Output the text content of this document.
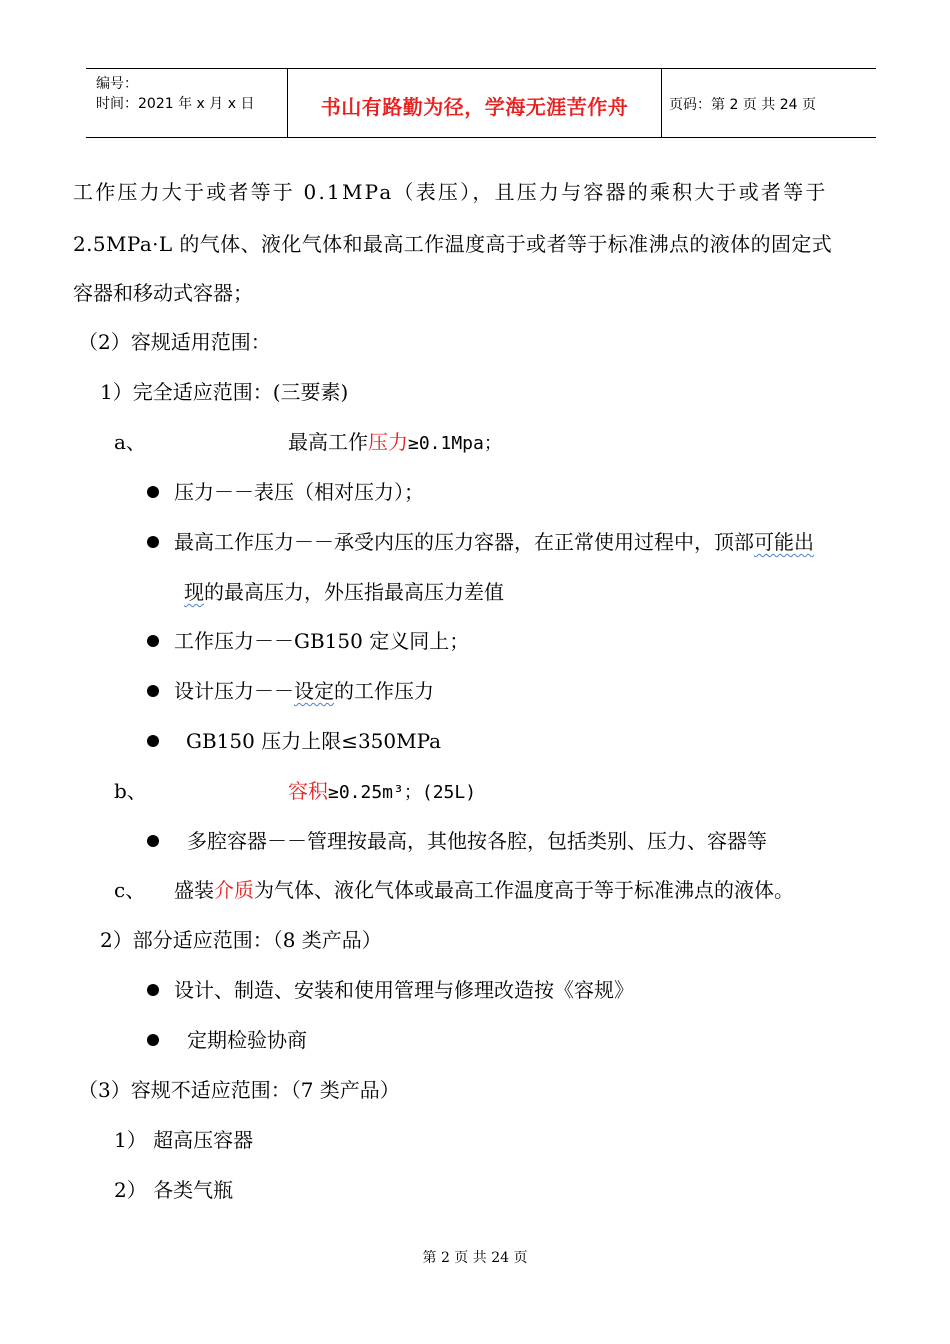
编号：
时间：2021 年 x 月 x 日	书山有路勤为径，学海无涯苦作舟	页码：第 2 页 共 24 页
工作压力大于或者等于 0.1MPa（表压），且压力与容器的乘积大于或者等于
2.5MPa·L 的气体、液化气体和最高工作温度高于或者等于标准沸点的液体的固定式
容器和移动式容器；
（2）容规适用范围：
1）完全适应范围：(三要素)
a、	最高工作压力≥0.1Mpa；
压力－－表压（相对压力）；
最高工作压力－－承受内压的压力容器，在正常使用过程中，顶部可能出
现的最高压力，外压指最高压力差值
工作压力－－GB150 定义同上；
设计压力－－设定的工作压力
GB150 压力上限≤350MPa
b、	容积≥0.25m³；(25L)
多腔容器－－管理按最高，其他按各腔，包括类别、压力、容器等
c、 盛装介质为气体、液化气体或最高工作温度高于等于标准沸点的液体。
2）部分适应范围：（8 类产品）
设计、制造、安装和使用管理与修理改造按《容规》
定期检验协商
（3）容规不适应范围：（7 类产品）
1） 超高压容器
2） 各类气瓶
第 2 页 共 24 页
